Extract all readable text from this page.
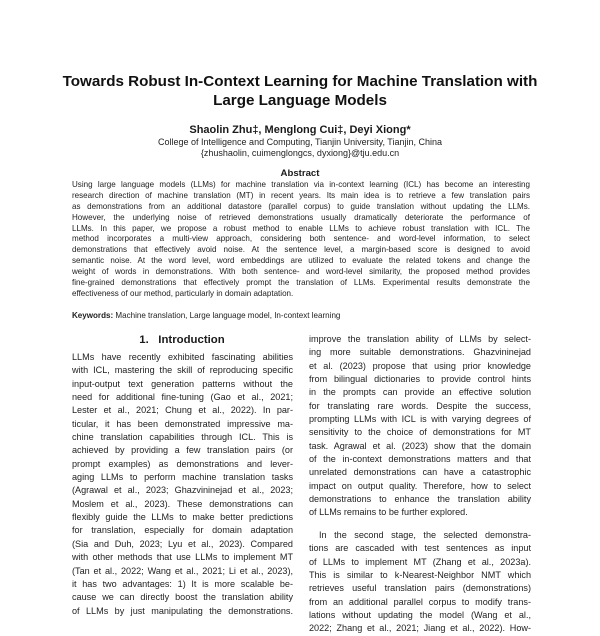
Towards Robust In-Context Learning for Machine Translation with
Large Language Models
Shaolin Zhu‡, Menglong Cui‡, Deyi Xiong*
College of Intelligence and Computing, Tianjin University, Tianjin, China
{zhushaolin, cuimenglongcs, dyxiong}@tju.edu.cn
Abstract
Using large language models (LLMs) for machine translation via in-context learning (ICL) has become an interesting
research direction of machine translation (MT) in recent years. Its main idea is to retrieve a few translation pairs
as demonstrations from an additional datastore (parallel corpus) to guide translation without updating the LLMs.
However, the underlying noise of retrieved demonstrations usually dramatically deteriorate the performance of
LLMs. In this paper, we propose a robust method to enable LLMs to achieve robust translation with ICL. The
method incorporates a multi-view approach, considering both sentence- and word-level information, to select
demonstrations that effectively avoid noise. At the sentence level, a margin-based score is designed to avoid
semantic noise. At the word level, word embeddings are utilized to evaluate the related tokens and change the
weight of words in demonstrations. With both sentence- and word-level similarity, the proposed method provides
fine-grained demonstrations that effectively prompt the translation of LLMs. Experimental results demonstrate the
effectiveness of our method, particularly in domain adaptation.
Keywords: Machine translation, Large language model, In-context learning
1.   Introduction
LLMs have recently exhibited fascinating abilities
with ICL, mastering the skill of reproducing specific
input-output text generation patterns without the
need for additional fine-tuning (Gao et al., 2021;
Lester et al., 2021; Chung et al., 2022). In par-
ticular, it has been demonstrated impressive ma-
chine translation capabilities through ICL. This is
achieved by providing a few translation pairs (or
prompt examples) as demonstrations and lever-
aging LLMs to perform machine translation tasks
(Agrawal et al., 2023; Ghazvininejad et al., 2023;
Moslem et al., 2023). These demonstrations can
flexibly guide the LLMs to make better predictions
for translation, especially for domain adaptation
(Sia and Duh, 2023; Lyu et al., 2023). Compared
with other methods that use LLMs to implement MT
(Tan et al., 2022; Wang et al., 2021; Li et al., 2023),
it has two advantages: 1) It is more scalable be-
cause we can directly boost the translation ability
of LLMs by just manipulating the demonstrations.
improve the translation ability of LLMs by select-
ing more suitable demonstrations. Ghazvininejad
et al. (2023) propose that using prior knowledge
from bilingual dictionaries to provide control hints
in the prompts can provide an effective solution
for translating rare words. Despite the success,
prompting LLMs with ICL is with varying degrees of
sensitivity to the choice of demonstrations for MT
task. Agrawal et al. (2023) show that the domain
of the in-context demonstrations matters and that
unrelated demonstrations can have a catastrophic
impact on output quality. Therefore, how to select
demonstrations to enhance the translation ability
of LLMs remains to be further explored.
In the second stage, the selected demonstra-
tions are cascaded with test sentences as input
of LLMs to implement MT (Zhang et al., 2023a).
This is similar to k-Nearest-Neighbor NMT which
retrieves useful translation pairs (demonstrations)
from an additional parallel corpus to modify trans-
lations without updating the model (Wang et al.,
2022; Zhang et al., 2021; Jiang et al., 2022). How-
